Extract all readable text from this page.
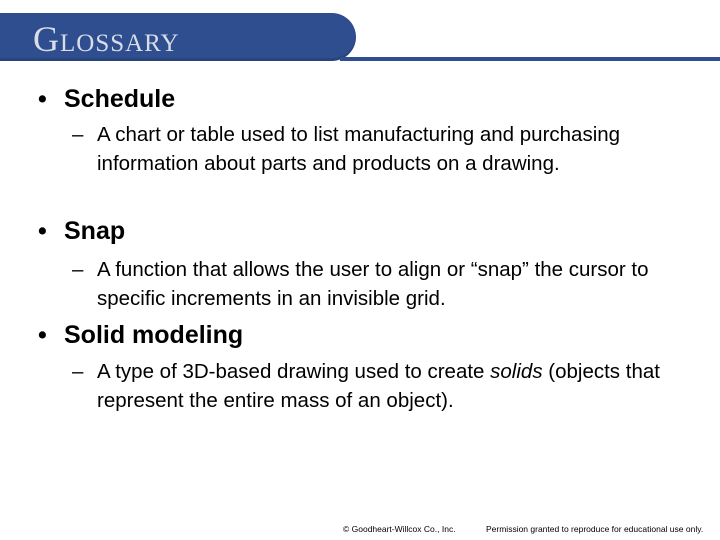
Glossary
• Schedule
– A chart or table used to list manufacturing and purchasing information about parts and products on a drawing.
• Snap
– A function that allows the user to align or “snap” the cursor to specific increments in an invisible grid.
• Solid modeling
– A type of 3D-based drawing used to create solids (objects that represent the entire mass of an object).
© Goodheart-Willcox Co., Inc.	Permission granted to reproduce for educational use only.
